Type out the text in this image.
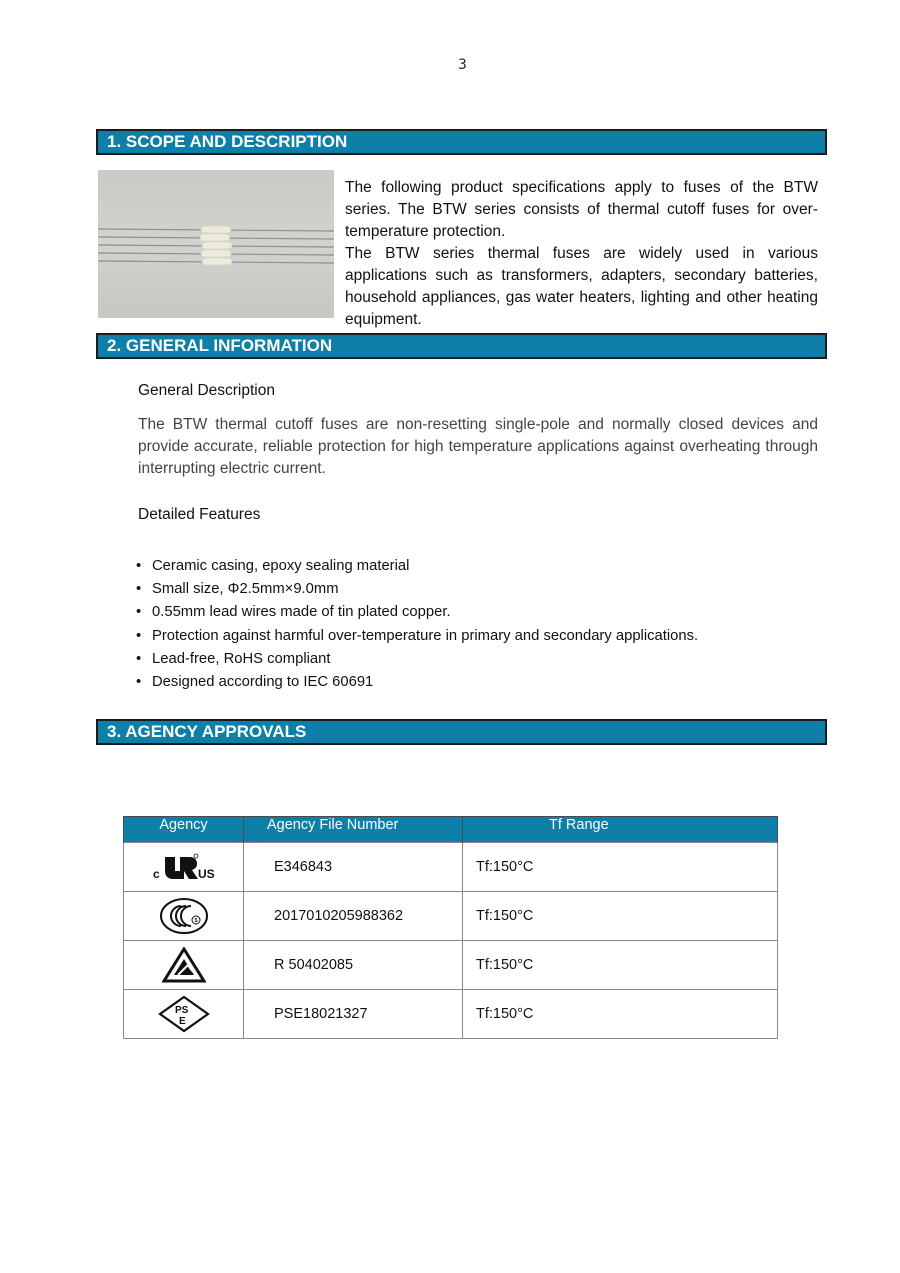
3
1. SCOPE AND DESCRIPTION

The following product specifications apply to fuses of the BTW series. The BTW series consists of thermal cutoff fuses for over-temperature protection.

The BTW series thermal fuses are widely used in various applications such as transformers, adapters, secondary batteries, household appliances, gas water heaters, lighting and other heating equipment.

2. GENERAL INFORMATION
General Description

The BTW thermal cutoff fuses are non-resetting single-pole and normally closed devices and provide accurate, reliable protection for high temperature applications against overheating through interrupting electric current.

Detailed Features
• Ceramic casing, epoxy sealing material
• Small size, Φ2.5mm×9.0mm
• 0.55mm lead wires made of tin plated copper.
• Protection against harmful over-temperature in primary and secondary applications.
• Lead-free, RoHS compliant
• Designed according to IEC 60691
3. AGENCY APPROVALS
Agency	Agency File Number	Tf Range

c US	E346843	Tf:150°C

S	2017010205988362	Tf:150°C
	R 50402085	Tf:150°C

PS
E	PSE18021327	Tf:150°C
